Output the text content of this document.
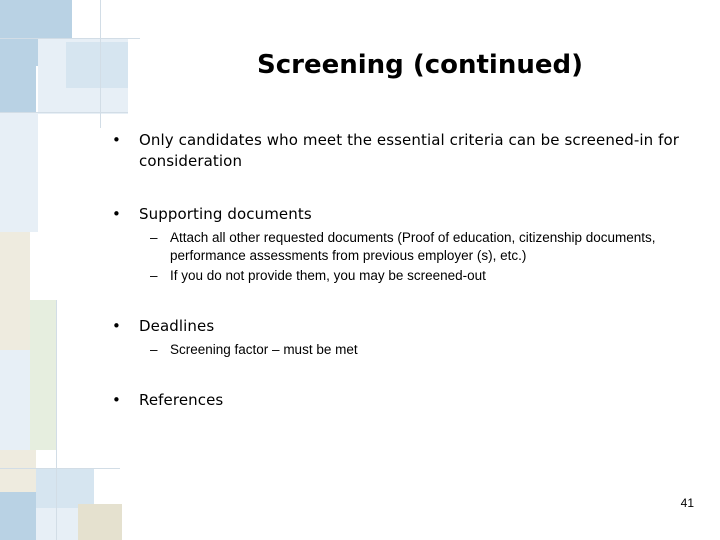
Screening (continued)
• Only candidates who meet the essential criteria can be screened-in for consideration
• Supporting documents
– Attach all other requested documents (Proof of education, citizenship documents, performance assessments from previous employer (s), etc.)
– If you do not provide them, you may be screened-out
• Deadlines
– Screening factor – must be met
• References
41
